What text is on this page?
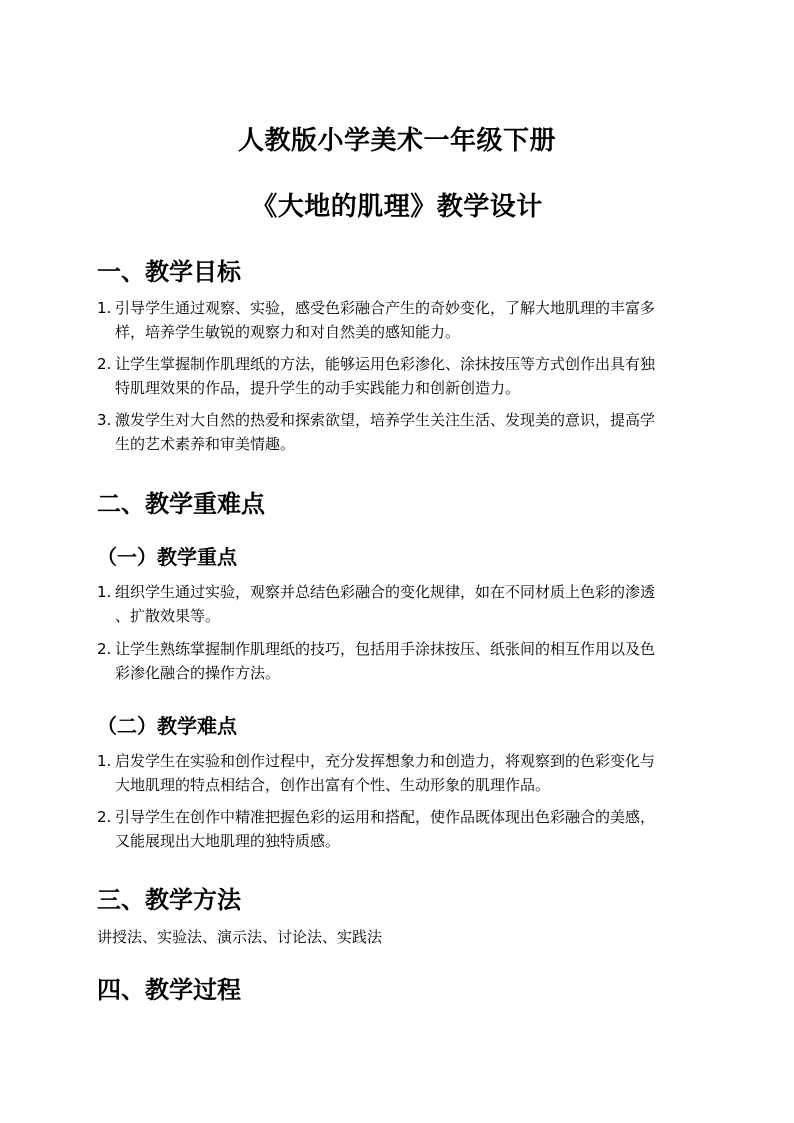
人教版小学美术一年级下册
《大地的肌理》教学设计
一、教学目标
1. 引导学生通过观察、实验，感受色彩融合产生的奇妙变化，了解大地肌理的丰富多
样，培养学生敏锐的观察力和对自然美的感知能力。
2. 让学生掌握制作肌理纸的方法，能够运用色彩渗化、涂抹按压等方式创作出具有独
特肌理效果的作品，提升学生的动手实践能力和创新创造力。
3. 激发学生对大自然的热爱和探索欲望，培养学生关注生活、发现美的意识，提高学
生的艺术素养和审美情趣。
二、教学重难点
（一）教学重点
1. 组织学生通过实验，观察并总结色彩融合的变化规律，如在不同材质上色彩的渗透
、扩散效果等。
2. 让学生熟练掌握制作肌理纸的技巧，包括用手涂抹按压、纸张间的相互作用以及色
彩渗化融合的操作方法。
（二）教学难点
1. 启发学生在实验和创作过程中，充分发挥想象力和创造力，将观察到的色彩变化与
大地肌理的特点相结合，创作出富有个性、生动形象的肌理作品。
2. 引导学生在创作中精准把握色彩的运用和搭配，使作品既体现出色彩融合的美感，
又能展现出大地肌理的独特质感。
三、教学方法
讲授法、实验法、演示法、讨论法、实践法
四、教学过程
